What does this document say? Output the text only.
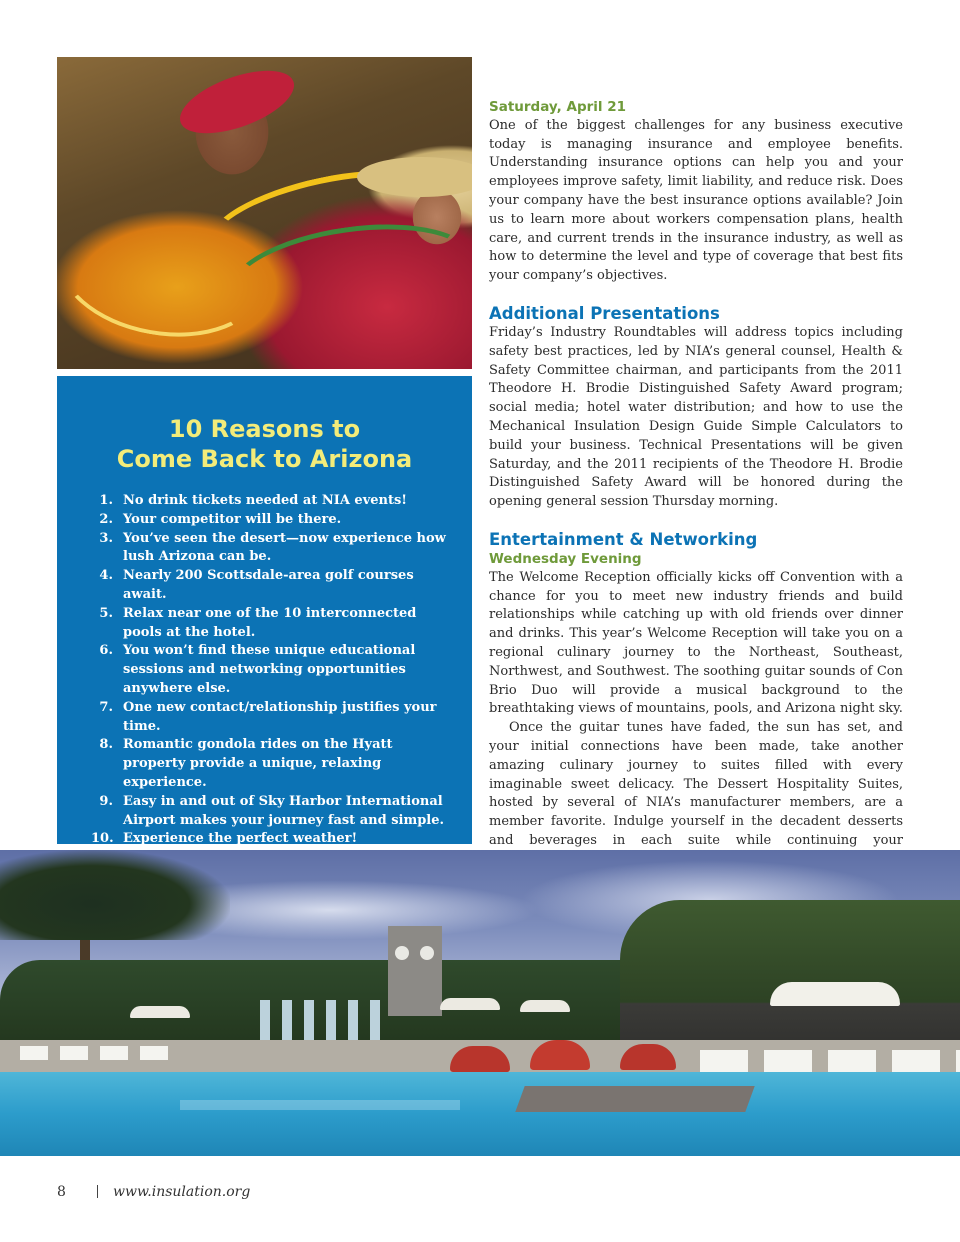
10 Reasons to
Come Back to Arizona
1. No drink tickets needed at NIA events!
2. Your competitor will be there.
3. You’ve seen the desert—now experience how lush Arizona can be.
4. Nearly 200 Scottsdale-area golf courses await.
5. Relax near one of the 10 interconnected pools at the hotel.
6. You won’t find these unique educational sessions and networking opportunities anywhere else.
7. One new contact/relationship justifies your time.
8. Romantic gondola rides on the Hyatt property provide a unique, relaxing experience.
9. Easy in and out of Sky Harbor International Airport makes your journey fast and simple.
10. Experience the perfect weather!
Saturday, April 21

One of the biggest challenges for any business executive today is managing insurance and employee benefits. Understanding insurance options can help you and your employees improve safety, limit liability, and reduce risk. Does your company have the best insurance options available? Join us to learn more about workers compensation plans, health care, and current trends in the insurance industry, as well as how to determine the level and type of coverage that best fits your company’s objectives.

Additional Presentations

Friday’s Industry Roundtables will address topics including safety best practices, led by NIA’s general counsel, Health & Safety Committee chairman, and participants from the 2011 Theodore H. Brodie Distinguished Safety Award program; social media; hotel water distribution; and how to use the Mechanical Insulation Design Guide Simple Calculators to build your business. Technical Presentations will be given Saturday, and the 2011 recipients of the Theodore H. Brodie Distinguished Safety Award will be honored during the opening general session Thursday morning.

Entertainment & Networking
Wednesday Evening

The Welcome Reception officially kicks off Convention with a chance for you to meet new industry friends and build relationships while catching up with old friends over dinner and drinks. This year’s Welcome Reception will take you on a regional culinary journey to the Northeast, Southeast, Northwest, and Southwest. The soothing guitar sounds of Con Brio Duo will provide a musical background to the breathtaking views of mountains, pools, and Arizona night sky.

Once the guitar tunes have faded, the sun has set, and your initial connections have been made, take another amazing culinary journey to suites filled with every imaginable sweet delicacy. The Dessert Hospitality Suites, hosted by several of NIA’s manufacturer members, are a member favorite. Indulge yourself in the decadent desserts and beverages in each suite while continuing your

8	www.insulation.org
